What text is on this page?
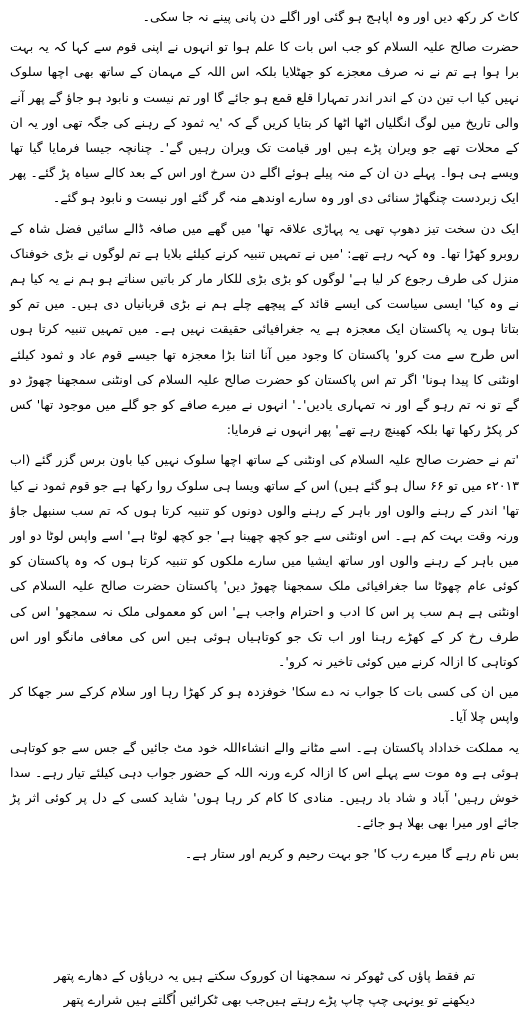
کاٹ کر رکھ دیں اور وہ اپاہج ہو گئی اور اگلے دن پانی پینے نہ جا سکی۔

حضرت صالح علیہ السلام کو جب اس بات کا علم ہوا تو انہوں نے اپنی قوم سے کہا کہ یہ بہت برا ہوا ہے تم نے نہ صرف معجزے کو جھٹلایا بلکہ اس اللہ کے مہمان کے ساتھ بھی اچھا سلوک نہیں کیا اب تین دن کے اندر اندر تمہارا قلع قمع ہو جائے گا اور تم نیست و نابود ہو جاؤ گے پھر آنے والی تاریخ میں لوگ انگلیاں اٹھا اٹھا کر بتایا کریں گے کہ 'یہ ثمود کے رہنے کی جگہ تھی اور یہ ان کے محلات تھے جو ویران پڑے ہیں اور قیامت تک ویران رہیں گے'۔ چنانچہ جیسا فرمایا گیا تھا ویسے ہی ہوا۔ پہلے دن ان کے منہ پیلے ہوئے اگلے دن سرخ اور اس کے بعد کالے سیاہ پڑ گئے۔ پھر ایک زبردست چنگھاڑ سنائی دی اور وہ سارے اوندھے منہ گر گئے اور نیست و نابود ہو گئے۔

ایک دن سخت تیز دھوپ تھی یہ پہاڑی علاقہ تھا' میں گھے میں صافہ ڈالے سائیں فضل شاہ کے روبرو کھڑا تھا۔ وہ کہہ رہے تھے: 'میں نے تمہیں تنبیہ کرنے کیلئے بلایا ہے تم لوگوں نے بڑی خوفناک منزل کی طرف رجوع کر لیا ہے' لوگوں کو بڑی بڑی للکار مار کر باتیں سناتے ہو ہم نے یہ کیا ہم نے وہ کیا' ایسی سیاست کی ایسے قائد کے پیچھے چلے ہم نے بڑی قربانیاں دی ہیں۔ میں تم کو بتاتا ہوں یہ پاکستان ایک معجزہ ہے یہ جغرافیائی حقیقت نہیں ہے۔ میں تمہیں تنبیہ کرتا ہوں اس طرح سے مت کرو' پاکستان کا وجود میں آنا اتنا بڑا معجزہ تھا جیسے قوم عاد و ثمود کیلئے اونٹنی کا پیدا ہونا' اگر تم اس پاکستان کو حضرت صالح علیہ السلام کی اونٹنی سمجھنا چھوڑ دو گے تو نہ تم رہو گے اور نہ تمہاری یادیں'۔' انہوں نے میرے صافے کو جو گلے میں موجود تھا' کس کر پکڑ رکھا تھا بلکہ کھینچ رہے تھے' پھر انہوں نے فرمایا:

'تم نے حضرت صالح علیہ السلام کی اونٹنی کے ساتھ اچھا سلوک نہیں کیا باون برس گزر گئے (اب ۲۰۱۳ء میں تو ۶۶ سال ہو گئے ہیں) اس کے ساتھ ویسا ہی سلوک روا رکھا ہے جو قوم ثمود نے کیا تھا' اندر کے رہنے والوں اور باہر کے رہنے والوں دونوں کو تنبیہ کرتا ہوں کہ تم سب سنبھل جاؤ ورنہ وقت بہت کم ہے۔ اس اونٹنی سے جو کچھ چھینا ہے' جو کچھ لوٹا ہے' اسے واپس لوٹا دو اور میں باہر کے رہنے والوں اور ساتھ ایشیا میں سارے ملکوں کو تنبیہ کرتا ہوں کہ وہ پاکستان کو کوئی عام چھوٹا سا جغرافیائی ملک سمجھنا چھوڑ دیں' پاکستان حضرت صالح علیہ السلام کی اونٹنی ہے ہم سب پر اس کا ادب و احترام واجب ہے' اس کو معمولی ملک نہ سمجھو' اس کی طرف رخ کر کے کھڑے رہنا اور اب تک جو کوتاہیاں ہوئی ہیں اس کی معافی مانگو اور اس کوتاہی کا ازالہ کرنے میں کوئی تاخیر نہ کرو'۔

میں ان کی کسی بات کا جواب نہ دے سکا' خوفزدہ ہو کر کھڑا رہا اور سلام کرکے سر جھکا کر واپس چلا آیا۔

یہ مملکت خداداد پاکستان ہے۔ اسے مٹانے والے انشاءاللہ خود مٹ جائیں گے جس سے جو کوتاہی ہوئی ہے وہ موت سے پہلے اس کا ازالہ کرے ورنہ اللہ کے حضور جواب دہی کیلئے تیار رہے۔ سدا خوش رہیں' آباد و شاد باد رہیں۔ منادی کا کام کر رہا ہوں' شاید کسی کے دل پر کوئی اثر پڑ جائے اور میرا بھی بھلا ہو جائے۔

بس نام رہے گا میرے رب کا' جو بہت رحیم و کریم اور ستار ہے۔

تم فقط پاؤں کی ٹھوکر نہ سمجھنا ان کو
روک سکتے ہیں یہ دریاؤں کے دھارے پتھر
دیکھنے تو یونہی چپ چاپ پڑے رہتے ہیں
جب بھی ٹکرائیں اُگلتے ہیں شرارے پتھر
